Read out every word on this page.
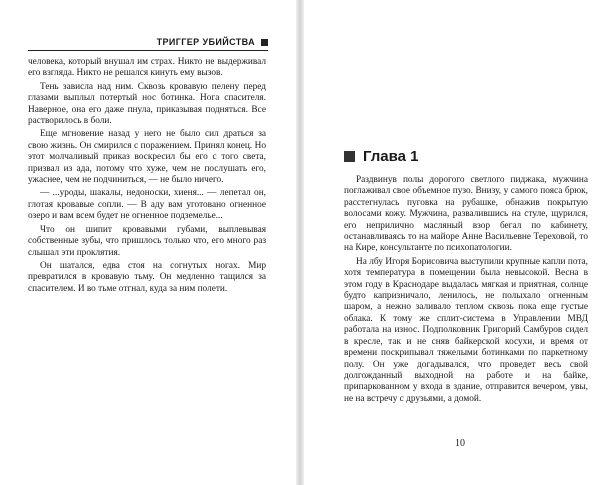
ТРИГГЕР УБИЙСТВА

человека, который внушал им страх. Никто не выдерживал его взгляда. Никто не решался кинуть ему вызов.

Тень зависла над ним. Сквозь кровавую пелену перед глазами выплыл потертый нос ботинка. Нога спасителя. Наверное, она его даже пнула, приказывая подняться. Все растворилось в боли.

Еще мгновение назад у него не было сил драться за свою жизнь. Он смирился с поражением. Принял конец. Но этот молчаливый приказ воскресил бы его с того света, призвал из ада, потому что хуже, чем не послушать его, ужаснее, чем не подчиниться, — не было ничего.

— ...уроды, шакалы, недоноски, хиеня... — лепетал он, глотая кровавые сопли. — В аду вам уготовано огненное озеро и вам всем будет не огненное подземелье...

Что он шипит кровавыми губами, выплевывая собственные зубы, что пришлось только что, его много раз слышал эти проклятия.

Он шатался, едва стоя на согнутых ногах. Мир превратился в кровавую тьму. Он медленно тащился за спасителем. И во тьме отгнал, куда за ним полети.

Глава 1

Раздвинув полы дорогого светлого пиджака, мужчина поглаживал свое объемное пузо. Внизу, у самого пояса брюк, расстегнулась пуговка на рубашке, обнажив покрытую волосами кожу. Мужчина, развалившись на стуле, щурился, его неприлично масляный взор бегал по кабинету, останавливаясь то на майоре Анне Васильевне Тереховой, то на Кире, консультанте по психопатологии.

На лбу Игоря Борисовича выступили крупные капли пота, хотя температура в помещении была невысокой. Весна в этом году в Краснодаре выдалась мягкая и приятная, солнце будто капризничало, ленилось, не полыхало огненным шаром, а нежно заливало теплом сквозь пока еще густые облака. К тому же сплит-система в Управлении МВД работала на износ. Подполковник Григорий Самбуров сидел в кресле, так и не сняв байкерской косухи, и время от времени поскрипывал тяжелыми ботинками по паркетному полу. Он уже догадывался, что проведет весь свой долгожданный выходной на работе и на байке, припаркованном у входа в здание, отправится вечером, увы, не на встречу с друзьями, а домой.

10
